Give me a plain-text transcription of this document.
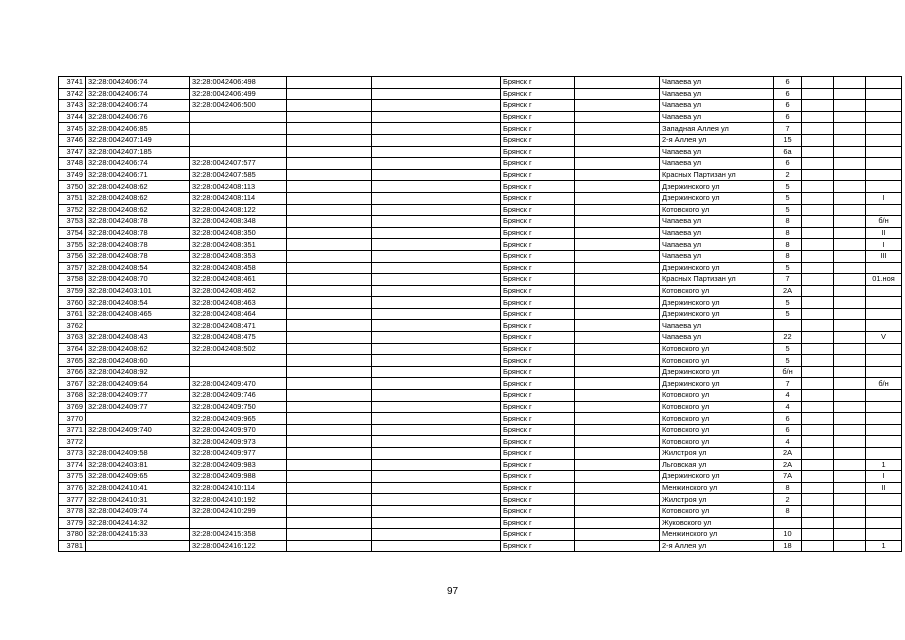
3741	32:28:0042406:74	32:28:0042406:498			Брянск г		Чапаева ул	6			
3742	32:28:0042406:74	32:28:0042406:499			Брянск г		Чапаева ул	6			
3743	32:28:0042406:74	32:28:0042406:500			Брянск г		Чапаева ул	6			
3744	32:28:0042406:76				Брянск г		Чапаева ул	6			
3745	32:28:0042406:85				Брянск г		Западная Аллея ул	7			
3746	32:28:0042407:149				Брянск г		2-я Аллея ул	15			
3747	32:28:0042407:185				Брянск г		Чапаева ул	6а			
3748	32:28:0042406:74	32:28:0042407:577			Брянск г		Чапаева ул	6			
3749	32:28:0042406:71	32:28:0042407:585			Брянск г		Красных Партизан ул	2			
3750	32:28:0042408:62	32:28:0042408:113			Брянск г		Дзержинского ул	5			
3751	32:28:0042408:62	32:28:0042408:114			Брянск г		Дзержинского ул	5			I
3752	32:28:0042408:62	32:28:0042408:122			Брянск г		Котовского ул	5			
3753	32:28:0042408:78	32:28:0042408:348			Брянск г		Чапаева ул	8			б/н
3754	32:28:0042408:78	32:28:0042408:350			Брянск г		Чапаева ул	8			II
3755	32:28:0042408:78	32:28:0042408:351			Брянск г		Чапаева ул	8			I
3756	32:28:0042408:78	32:28:0042408:353			Брянск г		Чапаева ул	8			III
3757	32:28:0042408:54	32:28:0042408:458			Брянск г		Дзержинского ул	5			
3758	32:28:0042408:70	32:28:0042408:461			Брянск г		Красных Партизан ул	7			01.ноя
3759	32:28:0042403:101	32:28:0042408:462			Брянск г		Котовского ул	2А			
3760	32:28:0042408:54	32:28:0042408:463			Брянск г		Дзержинского ул	5			
3761	32:28:0042408:465	32:28:0042408:464			Брянск г		Дзержинского ул	5			
3762		32:28:0042408:471			Брянск г		Чапаева ул				
3763	32:28:0042408:43	32:28:0042408:475			Брянск г		Чапаева ул	22			V
3764	32:28:0042408:62	32:28:0042408:502			Брянск г		Котовского ул	5			
3765	32:28:0042408:60				Брянск г		Котовского ул	5			
3766	32:28:0042408:92				Брянск г		Дзержинского ул	б/н			
3767	32:28:0042409:64	32:28:0042409:470			Брянск г		Дзержинского ул	7			б/н
3768	32:28:0042409:77	32:28:0042409:746			Брянск г		Котовского ул	4			
3769	32:28:0042409:77	32:28:0042409:750			Брянск г		Котовского ул	4			
3770		32:28:0042409:965			Брянск г		Котовского ул	6			
3771	32:28:0042409:740	32:28:0042409:970			Брянск г		Котовского ул	6			
3772		32:28:0042409:973			Брянск г		Котовского ул	4			
3773	32:28:0042409:58	32:28:0042409:977			Брянск г		Жилстроя ул	2А			
3774	32:28:0042403:81	32:28:0042409:983			Брянск г		Льговская ул	2А			1
3775	32:28:0042409:65	32:28:0042409:988			Брянск г		Дзержинского ул	7А			I
3776	32:28:0042410:41	32:28:0042410:114			Брянск г		Менжинского ул	8			II
3777	32:28:0042410:31	32:28:0042410:192			Брянск г		Жилстроя ул	2			
3778	32:28:0042409:74	32:28:0042410:299			Брянск г		Котовского ул	8			
3779	32:28:0042414:32				Брянск г		Жуковского ул				
3780	32:28:0042415:33	32:28:0042415:358			Брянск г		Менжинского ул	10			
3781		32:28:0042416:122			Брянск г		2-я Аллея ул	18			1
97
